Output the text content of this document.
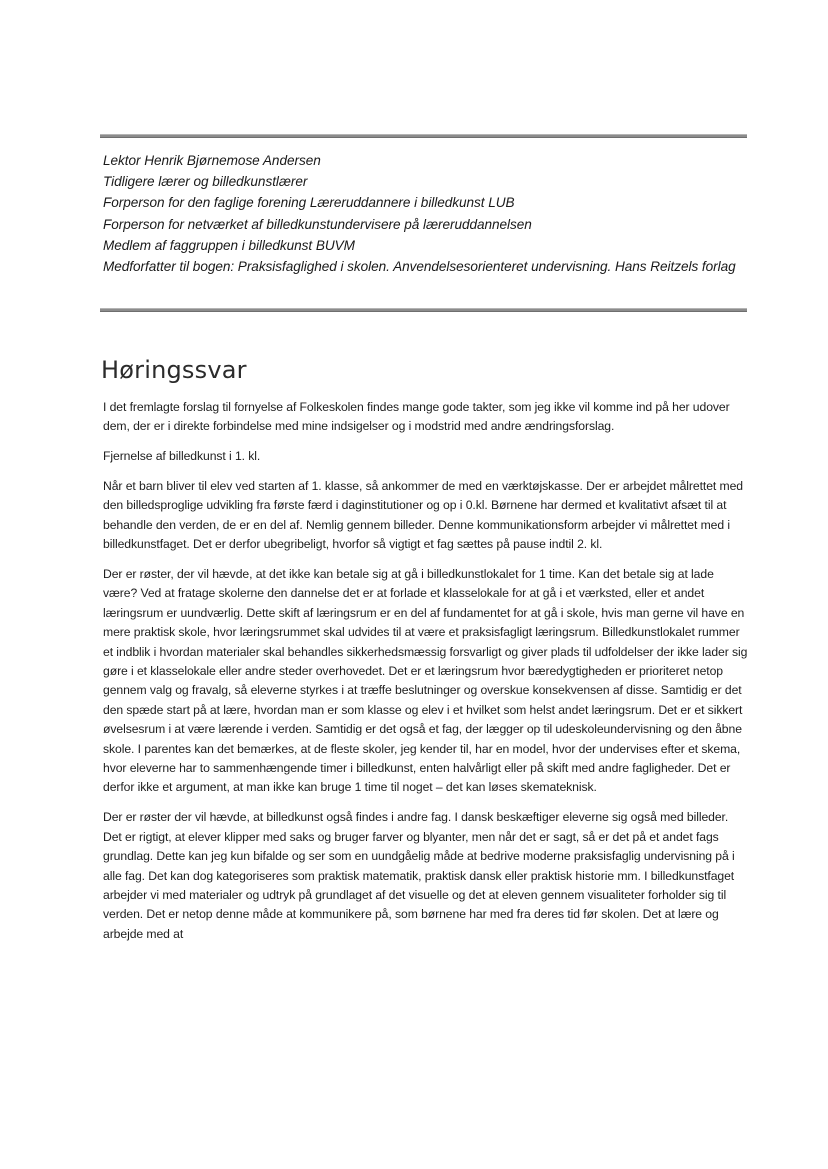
Lektor Henrik Bjørnemose Andersen
Tidligere lærer og billedkunstlærer
Forperson for den faglige forening Læreruddannere i billedkunst LUB
Forperson for netværket af billedkunstundervisere på læreruddannelsen
Medlem af faggruppen i billedkunst BUVM
Medforfatter til bogen: Praksisfaglighed i skolen. Anvendelsesorienteret undervisning. Hans Reitzels forlag
Høringssvar

I det fremlagte forslag til fornyelse af Folkeskolen findes mange gode takter, som jeg ikke vil komme ind på her udover dem, der er i direkte forbindelse med mine indsigelser og i modstrid med andre ændringsforslag.

Fjernelse af billedkunst i 1. kl.

Når et barn bliver til elev ved starten af 1. klasse, så ankommer de med en værktøjskasse. Der er arbejdet målrettet med den billedsproglige udvikling fra første færd i daginstitutioner og op i 0.kl. Børnene har dermed et kvalitativt afsæt til at behandle den verden, de er en del af. Nemlig gennem billeder. Denne kommunikationsform arbejder vi målrettet med i billedkunstfaget. Det er derfor ubegribeligt, hvorfor så vigtigt et fag sættes på pause indtil 2. kl.

Der er røster, der vil hævde, at det ikke kan betale sig at gå i billedkunstlokalet for 1 time. Kan det betale sig at lade være? Ved at fratage skolerne den dannelse det er at forlade et klasselokale for at gå i et værksted, eller et andet læringsrum er uundværlig. Dette skift af læringsrum er en del af fundamentet for at gå i skole, hvis man gerne vil have en mere praktisk skole, hvor læringsrummet skal udvides til at være et praksisfagligt læringsrum. Billedkunstlokalet rummer et indblik i hvordan materialer skal behandles sikkerhedsmæssig forsvarligt og giver plads til udfoldelser der ikke lader sig gøre i et klasselokale eller andre steder overhovedet. Det er et læringsrum hvor bæredygtigheden er prioriteret netop gennem valg og fravalg, så eleverne styrkes i at træffe beslutninger og overskue konsekvensen af disse. Samtidig er det den spæde start på at lære, hvordan man er som klasse og elev i et hvilket som helst andet læringsrum. Det er et sikkert øvelsesrum i at være lærende i verden. Samtidig er det også et fag, der lægger op til udeskoleundervisning og den åbne skole. I parentes kan det bemærkes, at de fleste skoler, jeg kender til, har en model, hvor der undervises efter et skema, hvor eleverne har to sammenhængende timer i billedkunst, enten halvårligt eller på skift med andre fagligheder. Det er derfor ikke et argument, at man ikke kan bruge 1 time til noget – det kan løses skemateknisk.

Der er røster der vil hævde, at billedkunst også findes i andre fag. I dansk beskæftiger eleverne sig også med billeder. Det er rigtigt, at elever klipper med saks og bruger farver og blyanter, men når det er sagt, så er det på et andet fags grundlag. Dette kan jeg kun bifalde og ser som en uundgåelig måde at bedrive moderne praksisfaglig undervisning på i alle fag. Det kan dog kategoriseres som praktisk matematik, praktisk dansk eller praktisk historie mm. I billedkunstfaget arbejder vi med materialer og udtryk på grundlaget af det visuelle og det at eleven gennem visualiteter forholder sig til verden. Det er netop denne måde at kommunikere på, som børnene har med fra deres tid før skolen. Det at lære og arbejde med at
